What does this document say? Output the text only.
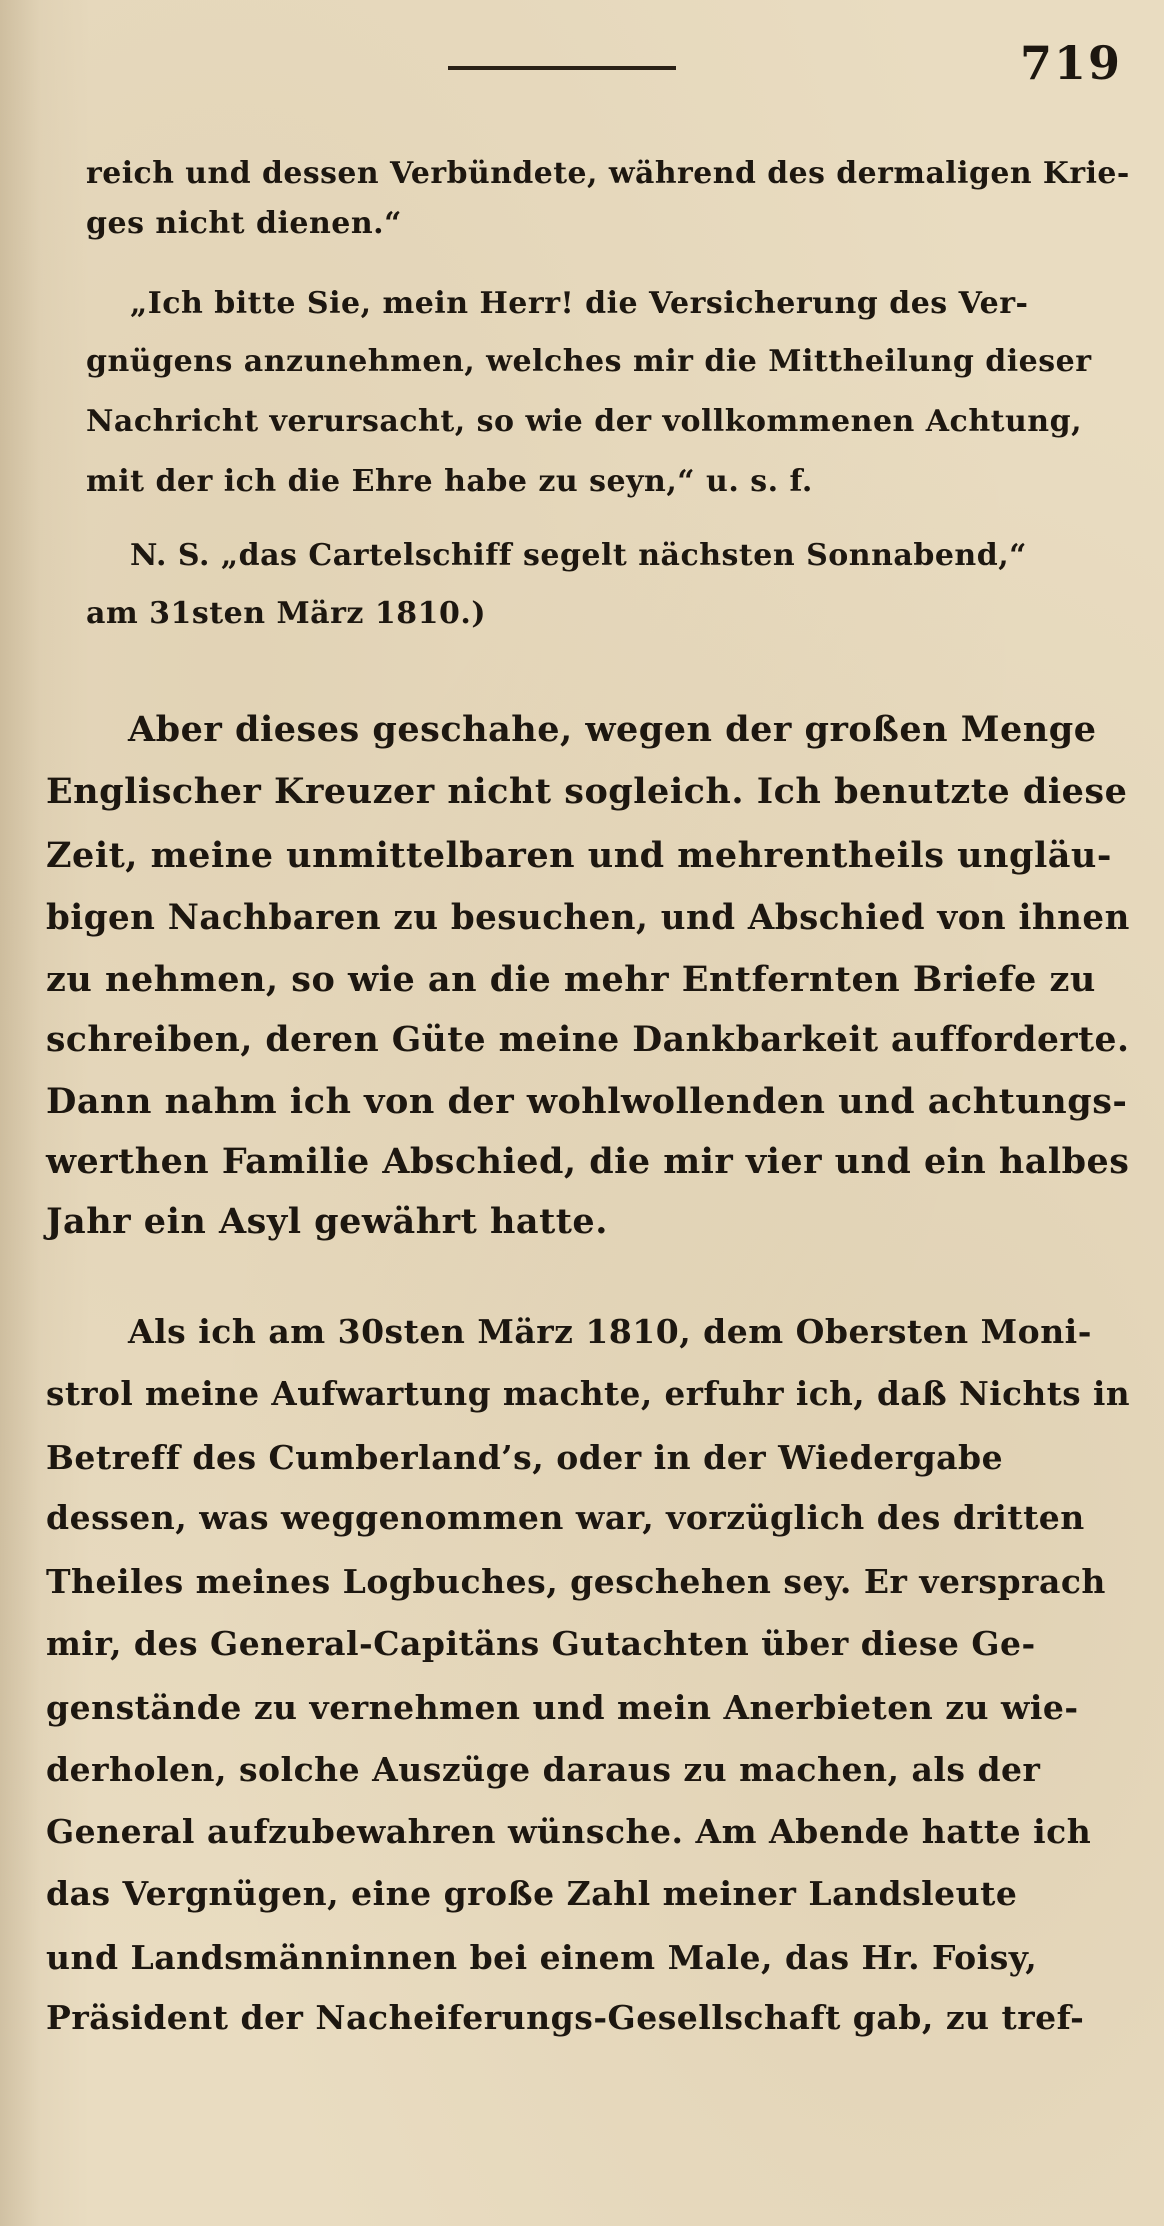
719
reich und dessen Verbündete, während des dermaligen Krie-
ges nicht dienen.“
„Ich bitte Sie, mein Herr! die Versicherung des Ver-
gnügens anzunehmen, welches mir die Mittheilung dieser
Nachricht verursacht, so wie der vollkommenen Achtung,
mit der ich die Ehre habe zu seyn,“ u. s. f.
N. S. „das Cartelschiff segelt nächsten Sonnabend,“
am 31sten März 1810.)
Aber dieses geschahe, wegen der großen Menge
Englischer Kreuzer nicht sogleich. Ich benutzte diese
Zeit, meine unmittelbaren und mehrentheils ungläu-
bigen Nachbaren zu besuchen, und Abschied von ihnen
zu nehmen, so wie an die mehr Entfernten Briefe zu
schreiben, deren Güte meine Dankbarkeit aufforderte.
Dann nahm ich von der wohlwollenden und achtungs-
werthen Familie Abschied, die mir vier und ein halbes
Jahr ein Asyl gewährt hatte.
Als ich am 30sten März 1810, dem Obersten Moni-
strol meine Aufwartung machte, erfuhr ich, daß Nichts in
Betreff des Cumberland’s, oder in der Wiedergabe
dessen, was weggenommen war, vorzüglich des dritten
Theiles meines Logbuches, geschehen sey. Er versprach
mir, des General-Capitäns Gutachten über diese Ge-
genstände zu vernehmen und mein Anerbieten zu wie-
derholen, solche Auszüge daraus zu machen, als der
General aufzubewahren wünsche. Am Abende hatte ich
das Vergnügen, eine große Zahl meiner Landsleute
und Landsmänninnen bei einem Male, das Hr. Foisy,
Präsident der Nacheiferungs-Gesellschaft gab, zu tref-
